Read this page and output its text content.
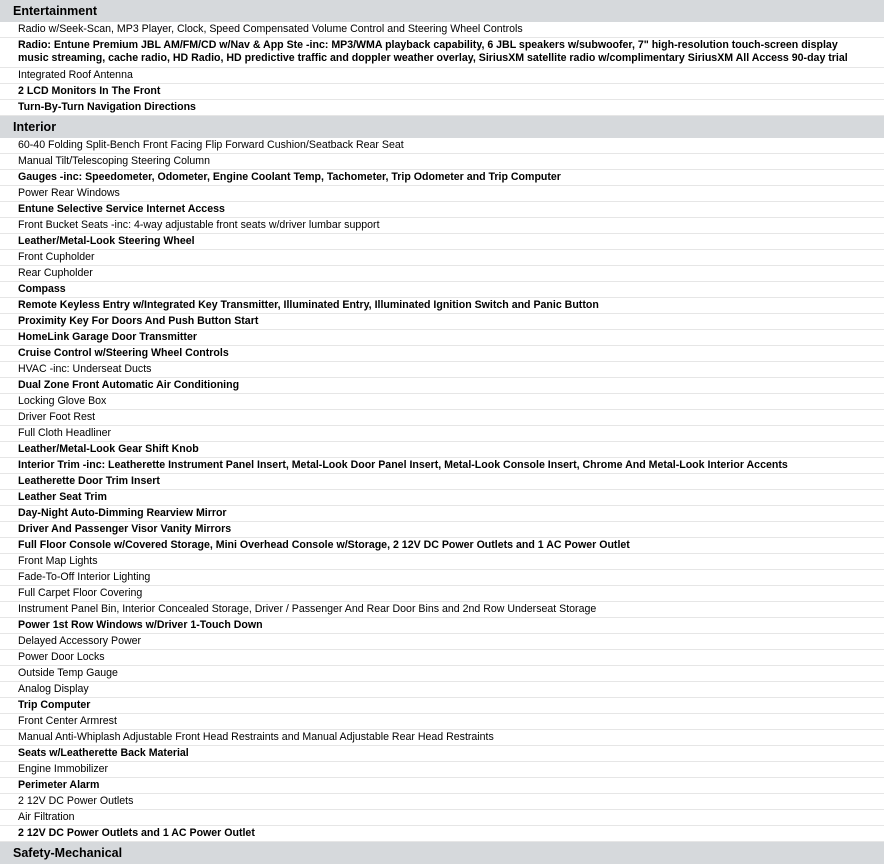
Entertainment
Radio w/Seek-Scan, MP3 Player, Clock, Speed Compensated Volume Control and Steering Wheel Controls
Radio: Entune Premium JBL AM/FM/CD w/Nav & App Ste -inc: MP3/WMA playback capability, 6 JBL speakers w/subwoofer, 7" high-resolution touch-screen display
music streaming, cache radio, HD Radio, HD predictive traffic and doppler weather overlay, SiriusXM satellite radio w/complimentary SiriusXM All Access 90-day trial
Integrated Roof Antenna
2 LCD Monitors In The Front
Turn-By-Turn Navigation Directions
Interior
60-40 Folding Split-Bench Front Facing Flip Forward Cushion/Seatback Rear Seat
Manual Tilt/Telescoping Steering Column
Gauges -inc: Speedometer, Odometer, Engine Coolant Temp, Tachometer, Trip Odometer and Trip Computer
Power Rear Windows
Entune Selective Service Internet Access
Front Bucket Seats -inc: 4-way adjustable front seats w/driver lumbar support
Leather/Metal-Look Steering Wheel
Front Cupholder
Rear Cupholder
Compass
Remote Keyless Entry w/Integrated Key Transmitter, Illuminated Entry, Illuminated Ignition Switch and Panic Button
Proximity Key For Doors And Push Button Start
HomeLink Garage Door Transmitter
Cruise Control w/Steering Wheel Controls
HVAC -inc: Underseat Ducts
Dual Zone Front Automatic Air Conditioning
Locking Glove Box
Driver Foot Rest
Full Cloth Headliner
Leather/Metal-Look Gear Shift Knob
Interior Trim -inc: Leatherette Instrument Panel Insert, Metal-Look Door Panel Insert, Metal-Look Console Insert, Chrome And Metal-Look Interior Accents
Leatherette Door Trim Insert
Leather Seat Trim
Day-Night Auto-Dimming Rearview Mirror
Driver And Passenger Visor Vanity Mirrors
Full Floor Console w/Covered Storage, Mini Overhead Console w/Storage, 2 12V DC Power Outlets and 1 AC Power Outlet
Front Map Lights
Fade-To-Off Interior Lighting
Full Carpet Floor Covering
Instrument Panel Bin, Interior Concealed Storage, Driver / Passenger And Rear Door Bins and 2nd Row Underseat Storage
Power 1st Row Windows w/Driver 1-Touch Down
Delayed Accessory Power
Power Door Locks
Outside Temp Gauge
Analog Display
Trip Computer
Front Center Armrest
Manual Anti-Whiplash Adjustable Front Head Restraints and Manual Adjustable Rear Head Restraints
Seats w/Leatherette Back Material
Engine Immobilizer
Perimeter Alarm
2 12V DC Power Outlets
Air Filtration
2 12V DC Power Outlets and 1 AC Power Outlet
Safety-Mechanical
